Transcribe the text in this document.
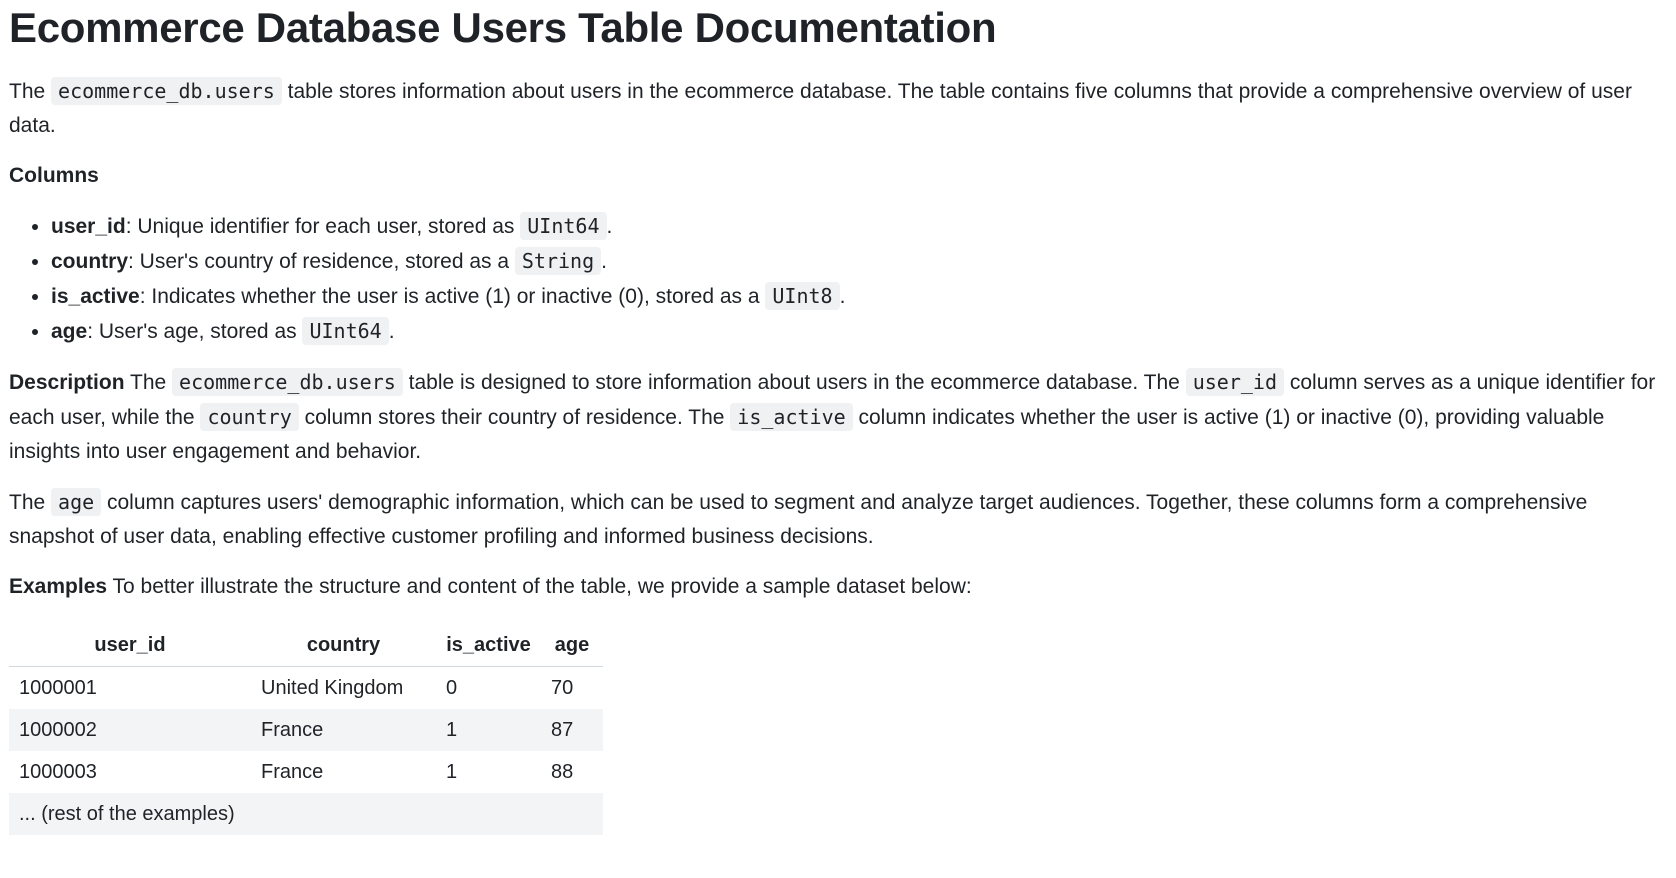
Ecommerce Database Users Table Documentation

The ecommerce_db.users table stores information about users in the ecommerce database. The table contains five columns that provide a comprehensive overview of user data.

Columns

• user_id: Unique identifier for each user, stored as UInt64 .
• country: User's country of residence, stored as a String .
• is_active: Indicates whether the user is active (1) or inactive (0), stored as a UInt8 .
• age: User's age, stored as UInt64 .

Description The ecommerce_db.users table is designed to store information about users in the ecommerce database. The user_id column serves as a unique identifier for each user, while the country column stores their country of residence. The is_active column indicates whether the user is active (1) or inactive (0), providing valuable insights into user engagement and behavior.

The age column captures users' demographic information, which can be used to segment and analyze target audiences. Together, these columns form a comprehensive snapshot of user data, enabling effective customer profiling and informed business decisions.

Examples To better illustrate the structure and content of the table, we provide a sample dataset below:

user_id	country	is_active	age
1000001	United Kingdom	0	70
1000002	France	1	87
1000003	France	1	88
... (rest of the examples)			
